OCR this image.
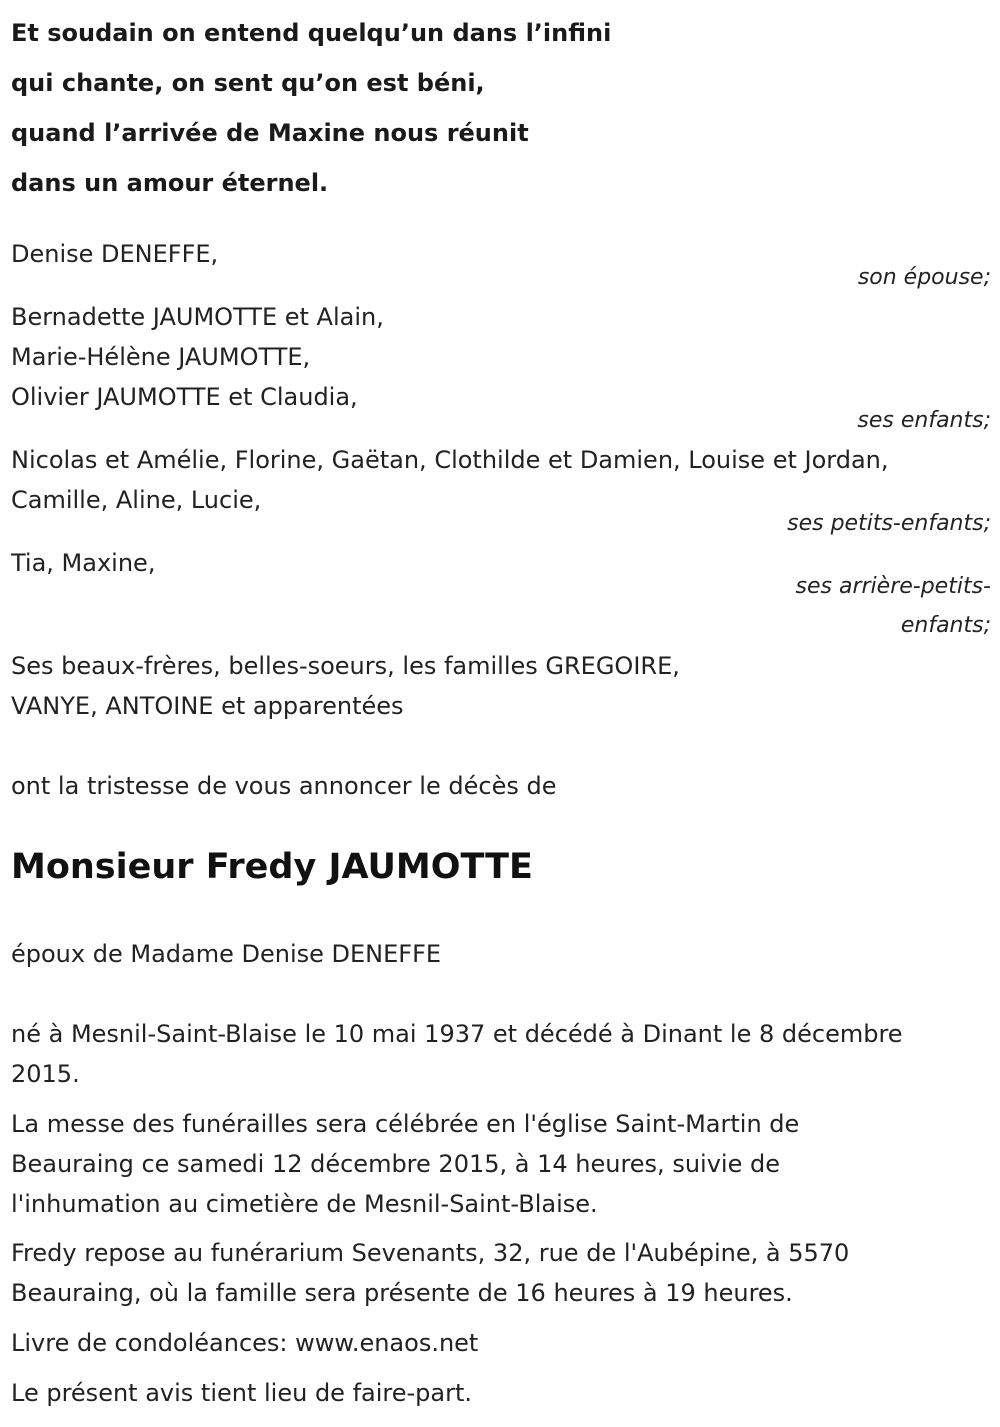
Et soudain on entend quelqu’un dans l’infini
qui chante, on sent qu’on est béni,
quand l’arrivée de Maxine nous réunit
dans un amour éternel.
Denise DENEFFE,
son épouse;
Bernadette JAUMOTTE et Alain,
Marie-Hélène JAUMOTTE,
Olivier JAUMOTTE et Claudia,
ses enfants;
Nicolas et Amélie, Florine, Gaëtan, Clothilde et Damien, Louise et Jordan,
Camille, Aline, Lucie,
ses petits-enfants;
Tia, Maxine,
ses arrière-petits-
enfants;
Ses beaux-frères, belles-soeurs, les familles GREGOIRE,
VANYE, ANTOINE et apparentées
ont la tristesse de vous annoncer le décès de
Monsieur Fredy JAUMOTTE
époux de Madame Denise DENEFFE
né à Mesnil-Saint-Blaise le 10 mai 1937 et décédé à Dinant le 8 décembre
2015.
La messe des funérailles sera célébrée en l'église Saint-Martin de
Beauraing ce samedi 12 décembre 2015, à 14 heures, suivie de
l'inhumation au cimetière de Mesnil-Saint-Blaise.
Fredy repose au funérarium Sevenants, 32, rue de l'Aubépine, à 5570
Beauraing, où la famille sera présente de 16 heures à 19 heures.
Livre de condoléances: www.enaos.net
Le présent avis tient lieu de faire-part.
